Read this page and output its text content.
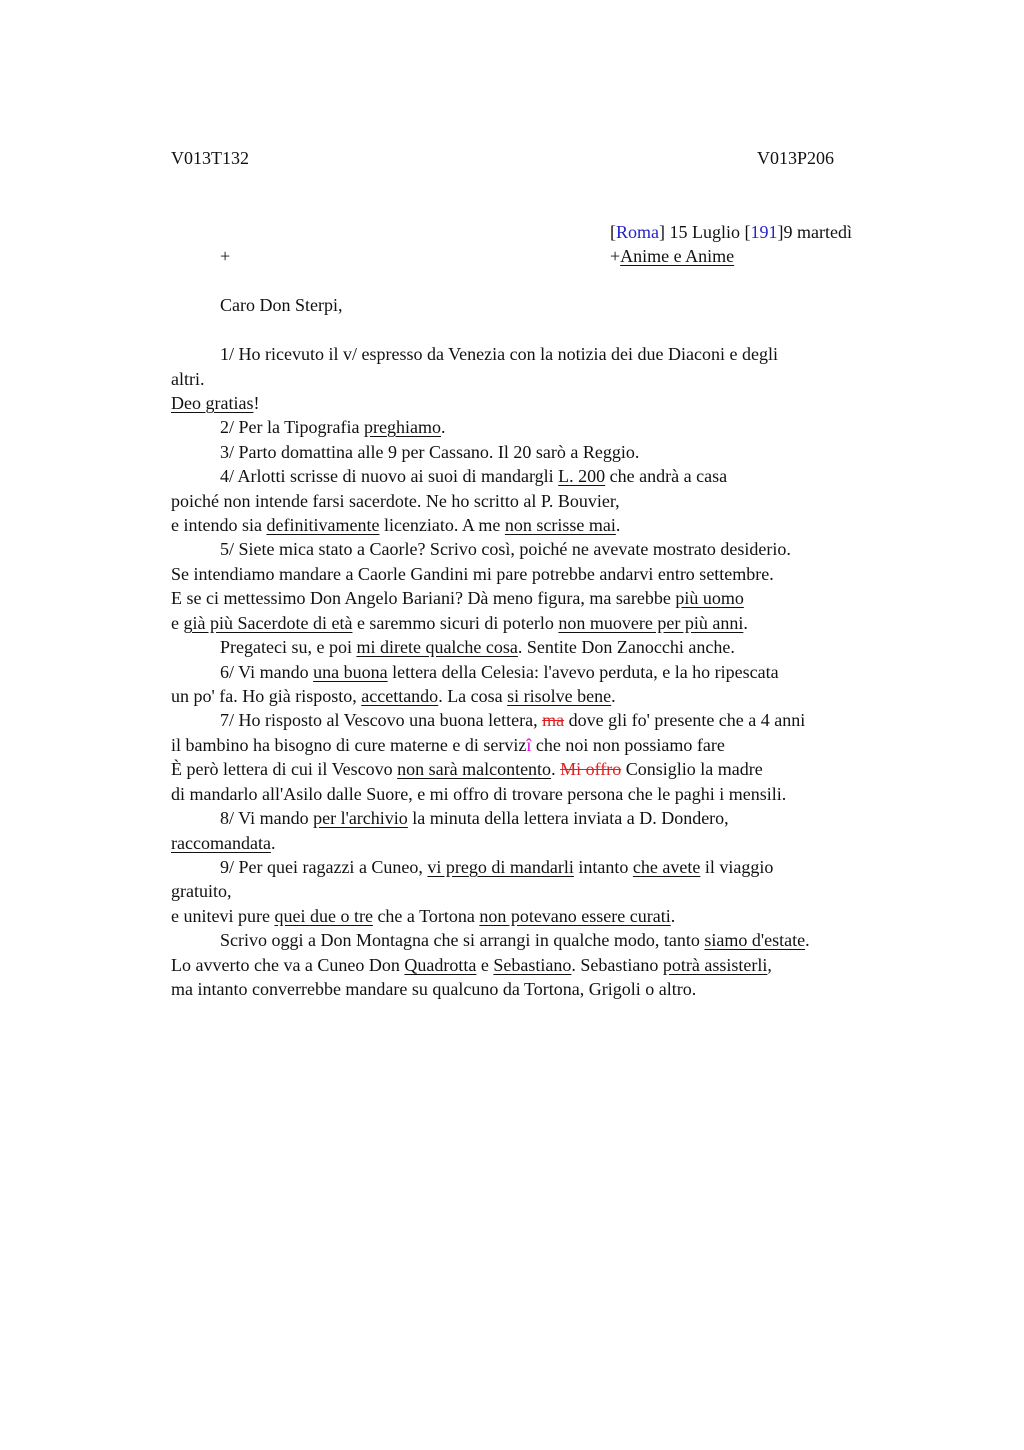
V013T132	V013P206
[Roma] 15 Luglio [191]9 martedì
+	+Anime e Anime
Caro Don Sterpi,
1/ Ho ricevuto il v/ espresso da Venezia con la notizia dei due Diaconi e degli
altri.
Deo gratias!
2/ Per la Tipografia preghiamo.
3/ Parto domattina alle 9 per Cassano. Il 20 sarò a Reggio.
4/ Arlotti scrisse di nuovo ai suoi di mandargli L. 200 che andrà a casa
poiché non intende farsi sacerdote. Ne ho scritto al P. Bouvier,
e intendo sia definitivamente licenziato. A me non scrisse mai.
5/ Siete mica stato a Caorle? Scrivo così, poiché ne avevate mostrato desiderio.
Se intendiamo mandare a Caorle Gandini mi pare potrebbe andarvi entro settembre.
E se ci mettessimo Don Angelo Bariani? Dà meno figura, ma sarebbe più uomo
e già più Sacerdote di età e saremmo sicuri di poterlo non muovere per più anni.
Pregateci su, e poi mi direte qualche cosa. Sentite Don Zanocchi anche.
6/ Vi mando una buona lettera della Celesia: l'avevo perduta, e la ho ripescata
un po' fa. Ho già risposto, accettando. La cosa si risolve bene.
7/ Ho risposto al Vescovo una buona lettera, ma dove gli fo' presente che a 4 anni
il bambino ha bisogno di cure materne e di servizî che noi non possiamo fare
È però lettera di cui il Vescovo non sarà malcontento. Mi offro Consiglio la madre
di mandarlo all'Asilo dalle Suore, e mi offro di trovare persona che le paghi i mensili.
8/ Vi mando per l'archivio la minuta della lettera inviata a D. Dondero,
raccomandata.
9/ Per quei ragazzi a Cuneo, vi prego di mandarli intanto che avete il viaggio
gratuito,
e unitevi pure quei due o tre che a Tortona non potevano essere curati.
Scrivo oggi a Don Montagna che si arrangi in qualche modo, tanto siamo d'estate.
Lo avverto che va a Cuneo Don Quadrotta e Sebastiano. Sebastiano potrà assisterli,
ma intanto converrebbe mandare su qualcuno da Tortona, Grigoli o altro.
